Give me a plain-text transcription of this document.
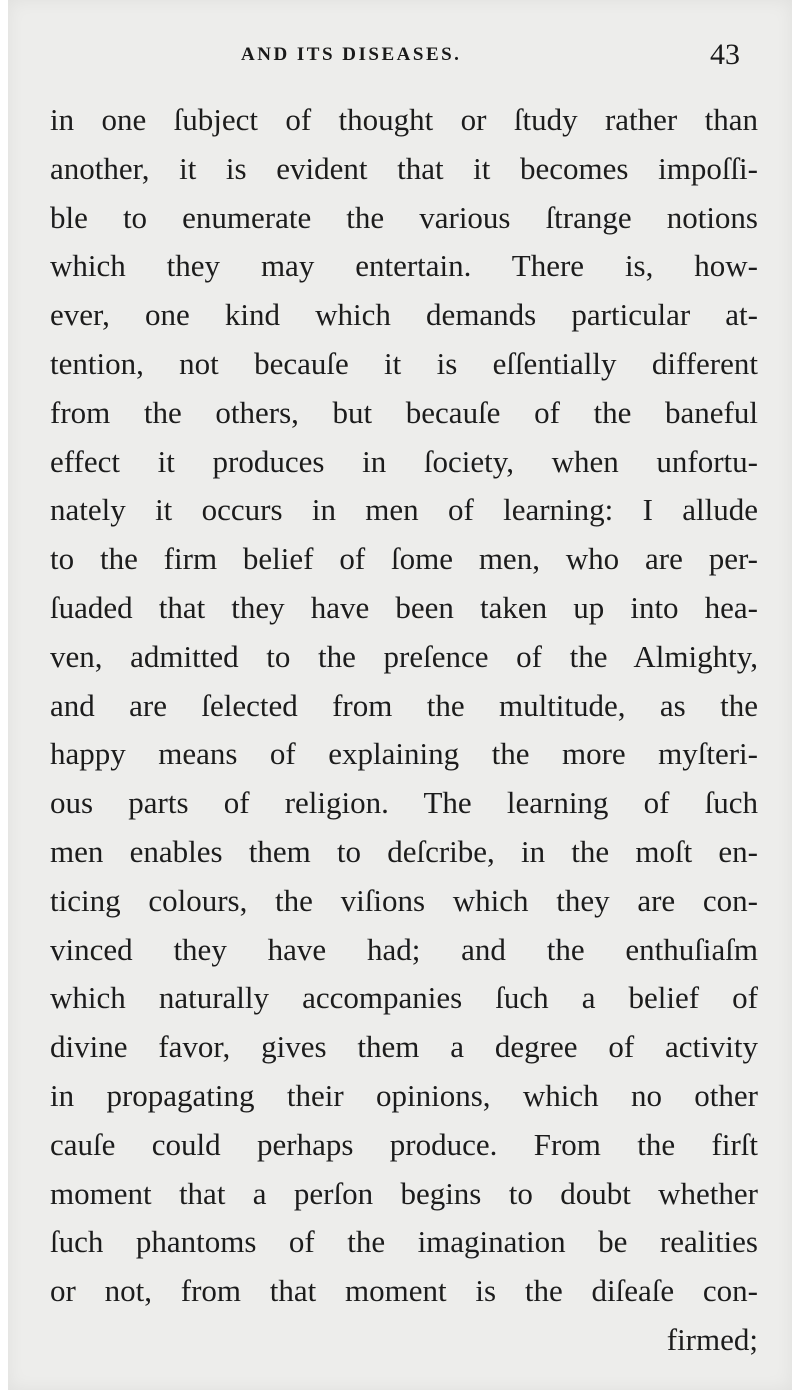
AND ITS DISEASES.	43
in one ſubject of thought or ſtudy rather than
another, it is evident that it becomes impoſſi-
ble to enumerate the various ſtrange notions
which they may entertain. There is, how-
ever, one kind which demands particular at-
tention, not becauſe it is eſſentially different
from the others, but becauſe of the baneful
effect it produces in ſociety, when unfortu-
nately it occurs in men of learning: I allude
to the firm belief of ſome men, who are per-
ſuaded that they have been taken up into hea-
ven, admitted to the preſence of the Almighty,
and are ſelected from the multitude, as the
happy means of explaining the more myſteri-
ous parts of religion. The learning of ſuch
men enables them to deſcribe, in the moſt en-
ticing colours, the viſions which they are con-
vinced they have had; and the enthuſiaſm
which naturally accompanies ſuch a belief of
divine favor, gives them a degree of activity
in propagating their opinions, which no other
cauſe could perhaps produce. From the firſt
moment that a perſon begins to doubt whether
ſuch phantoms of the imagination be realities
or not, from that moment is the diſeaſe con-
firmed;
